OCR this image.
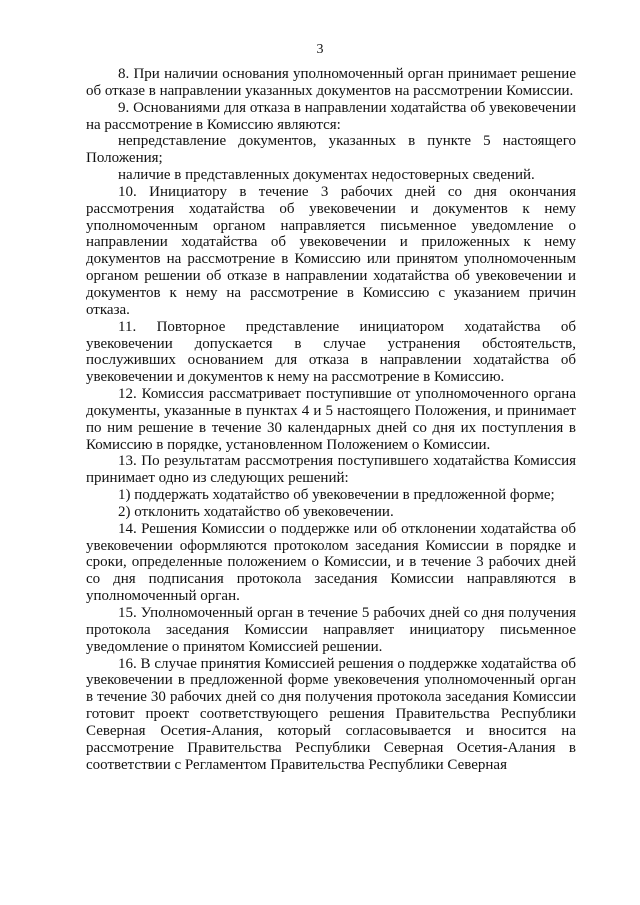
3

8. При наличии основания уполномоченный орган принимает решение об отказе в направлении указанных документов на рассмотрении Комиссии.

9. Основаниями для отказа в направлении ходатайства об увековечении на рассмотрение в Комиссию являются:

непредставление документов, указанных в пункте 5 настоящего Положения;

наличие в представленных документах недостоверных сведений.

10. Инициатору в течение 3 рабочих дней со дня окончания рассмотрения ходатайства об увековечении и документов к нему уполномоченным органом направляется письменное уведомление о направлении ходатайства об увековечении и приложенных к нему документов на рассмотрение в Комиссию или принятом уполномоченным органом решении об отказе в направлении ходатайства об увековечении и документов к нему на рассмотрение в Комиссию с указанием причин отказа.

11. Повторное представление инициатором ходатайства об увековечении допускается в случае устранения обстоятельств, послуживших основанием для отказа в направлении ходатайства об увековечении и документов к нему на рассмотрение в Комиссию.

12. Комиссия рассматривает поступившие от уполномоченного органа документы, указанные в пунктах 4 и 5 настоящего Положения, и принимает по ним решение в течение 30 календарных дней со дня их поступления в Комиссию в порядке, установленном Положением о Комиссии.

13. По результатам рассмотрения поступившего ходатайства Комиссия принимает одно из следующих решений:

1) поддержать ходатайство об увековечении в предложенной форме;

2) отклонить ходатайство об увековечении.

14. Решения Комиссии о поддержке или об отклонении ходатайства об увековечении оформляются протоколом заседания Комиссии в порядке и сроки, определенные положением о Комиссии, и в течение 3 рабочих дней со дня подписания протокола заседания Комиссии направляются в уполномоченный орган.

15. Уполномоченный орган в течение 5 рабочих дней со дня получения протокола заседания Комиссии направляет инициатору письменное уведомление о принятом Комиссией решении.

16. В случае принятия Комиссией решения о поддержке ходатайства об увековечении в предложенной форме увековечения уполномоченный орган в течение 30 рабочих дней со дня получения протокола заседания Комиссии готовит проект соответствующего решения Правительства Республики Северная Осетия-Алания, который согласовывается и вносится на рассмотрение Правительства Республики Северная Осетия-Алания в соответствии с Регламентом Правительства Республики Северная
